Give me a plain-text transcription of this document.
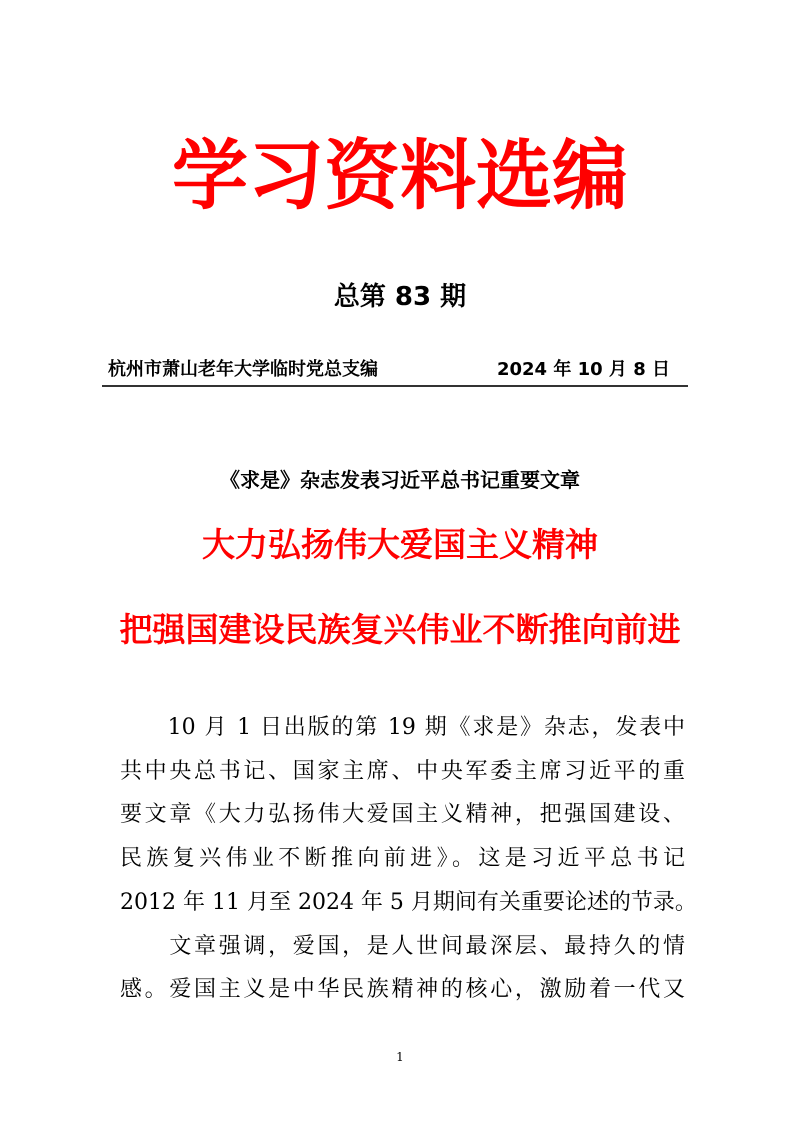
学习资料选编
总第 83 期
杭州市萧山老年大学临时党总支编	2024 年 10 月 8 日
《求是》杂志发表习近平总书记重要文章
大力弘扬伟大爱国主义精神
把强国建设民族复兴伟业不断推向前进
　　10 月 1 日出版的第 19 期《求是》杂志，发表中
共中央总书记、国家主席、中央军委主席习近平的重
要文章《大力弘扬伟大爱国主义精神，把强国建设、
民族复兴伟业不断推向前进》。这是习近平总书记
2012 年 11 月至 2024 年 5 月期间有关重要论述的节录。
　　文章强调，爱国，是人世间最深层、最持久的情
感。爱国主义是中华民族精神的核心，激励着一代又
1
